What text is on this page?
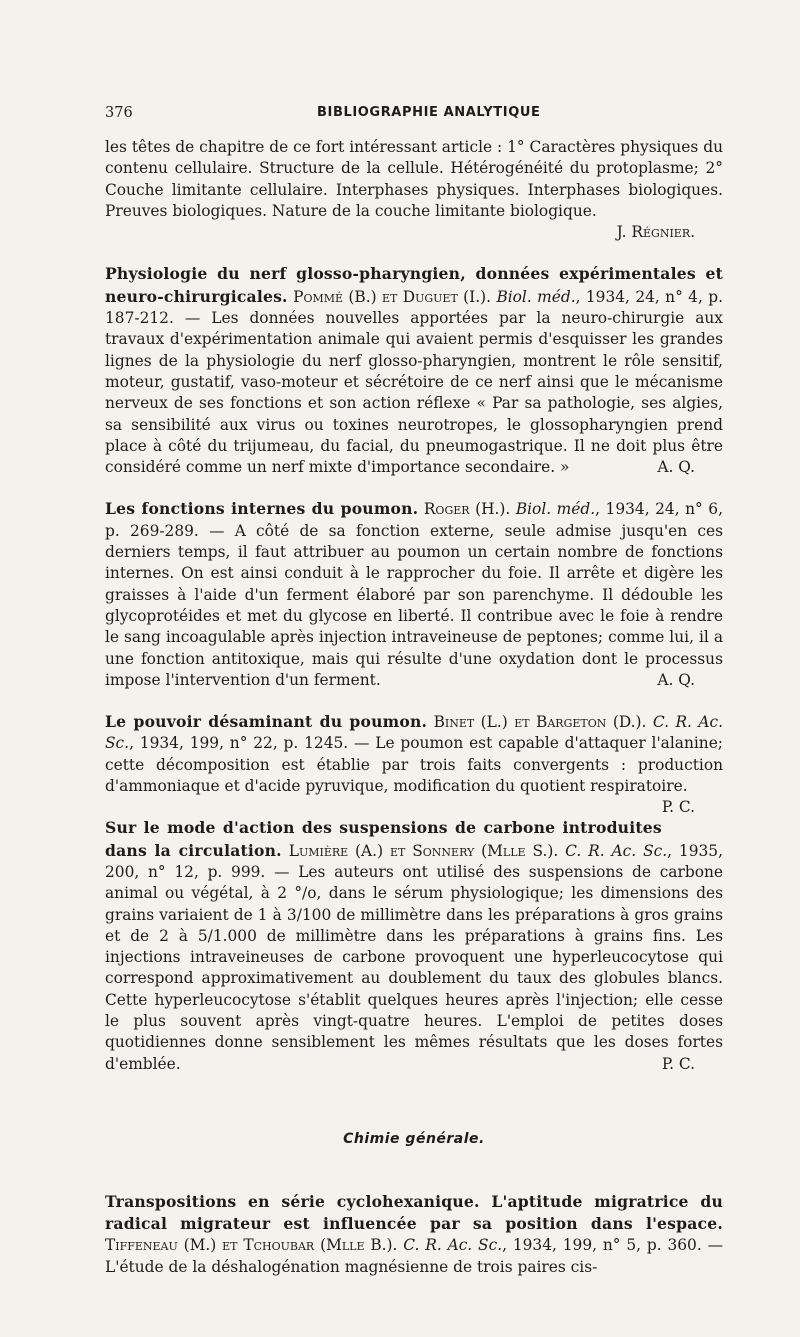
376	BIBLIOGRAPHIE ANALYTIQUE

les têtes de chapitre de ce fort intéressant article : 1° Caractères physiques du contenu cellulaire. Structure de la cellule. Hétérogénéité du protoplasme; 2° Couche limitante cellulaire. Interphases physiques. Interphases biologiques. Preuves biologiques. Nature de la couche limitante biologique.

J. Régnier.

Physiologie du nerf glosso-pharyngien, données expérimentales et neuro-chirurgicales. Pommé (B.) et Duguet (I.). Biol. méd., 1934, 24, n° 4, p. 187-212. — Les données nouvelles apportées par la neuro-chirurgie aux travaux d'expérimentation animale qui avaient permis d'esquisser les grandes lignes de la physiologie du nerf glosso-pharyngien, montrent le rôle sensitif, moteur, gustatif, vaso-moteur et sécrétoire de ce nerf ainsi que le mécanisme nerveux de ses fonctions et son action réflexe « Par sa pathologie, ses algies, sa sensibilité aux virus ou toxines neurotropes, le glossopharyngien prend place à côté du trijumeau, du facial, du pneumogastrique. Il ne doit plus être considéré comme un nerf mixte d'importance secondaire. »	A. Q.

Les fonctions internes du poumon. Roger (H.). Biol. méd., 1934, 24, n° 6, p. 269-289. — A côté de sa fonction externe, seule admise jusqu'en ces derniers temps, il faut attribuer au poumon un certain nombre de fonctions internes. On est ainsi conduit à le rapprocher du foie. Il arrête et digère les graisses à l'aide d'un ferment élaboré par son parenchyme. Il dédouble les glycoprotéides et met du glycose en liberté. Il contribue avec le foie à rendre le sang incoagulable après injection intraveineuse de peptones; comme lui, il a une fonction antitoxique, mais qui résulte d'une oxydation dont le processus impose l'intervention d'un ferment.	A. Q.

Le pouvoir désaminant du poumon. Binet (L.) et Bargeton (D.). C. R. Ac. Sc., 1934, 199, n° 22, p. 1245. — Le poumon est capable d'attaquer l'alanine; cette décomposition est établie par trois faits convergents : production d'ammoniaque et d'acide pyruvique, modification du quotient respiratoire.
P. C.

Sur le mode d'action des suspensions de carbone introduites dans la circulation. Lumière (A.) et Sonnery (Mlle S.). C. R. Ac. Sc., 1935, 200, n° 12, p. 999. — Les auteurs ont utilisé des suspensions de carbone animal ou végétal, à 2 °/o, dans le sérum physiologique; les dimensions des grains variaient de 1 à 3/100 de millimètre dans les préparations à gros grains et de 2 à 5/1.000 de millimètre dans les préparations à grains fins. Les injections intraveineuses de carbone provoquent une hyperleucocytose qui correspond approximativement au doublement du taux des globules blancs. Cette hyperleucocytose s'établit quelques heures après l'injection; elle cesse le plus souvent après vingt-quatre heures. L'emploi de petites doses quotidiennes donne sensiblement les mêmes résultats que les doses fortes d'emblée.	P. C.

Chimie générale.

Transpositions en série cyclohexanique. L'aptitude migratrice du radical migrateur est influencée par sa position dans l'espace. Tiffeneau (M.) et Tchoubar (Mlle B.). C. R. Ac. Sc., 1934, 199, n° 5, p. 360. — L'étude de la déshalogénation magnésienne de trois paires cis-
